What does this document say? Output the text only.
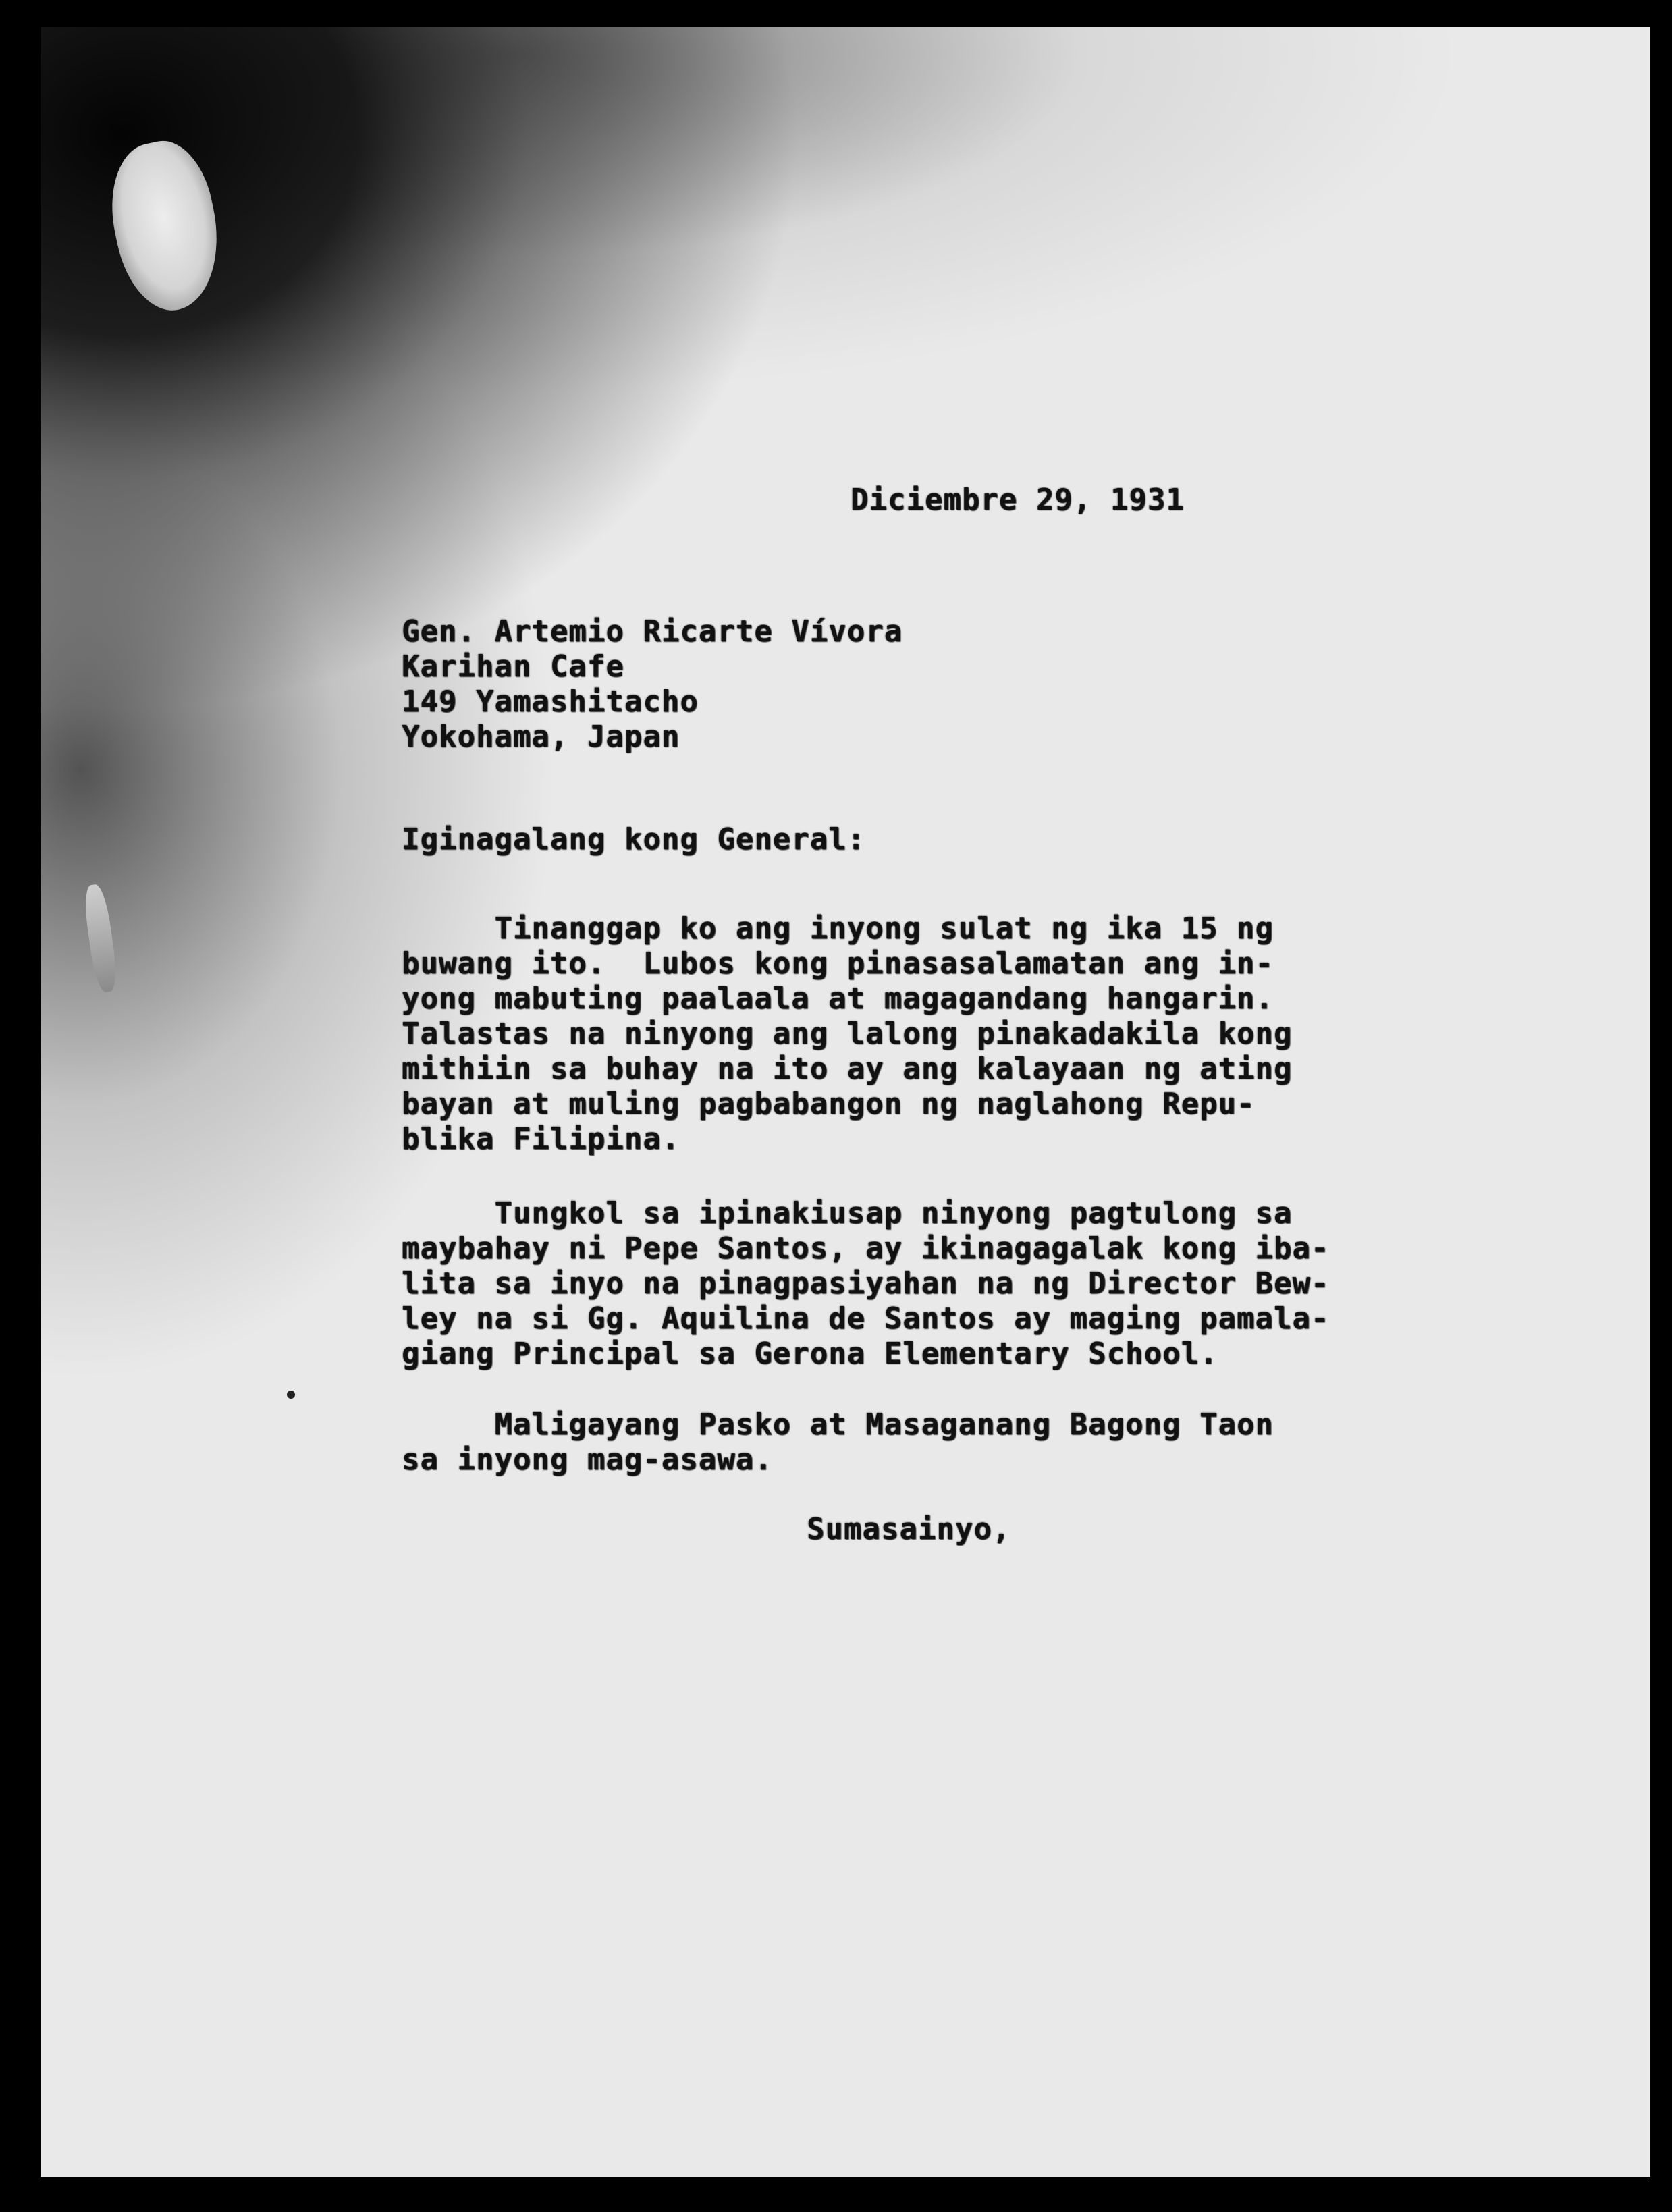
Diciembre 29, 1931
Gen. Artemio Ricarte Vívora
Karihan Cafe
149 Yamashitacho
Yokohama, Japan
Iginagalang kong General:
Tinanggap ko ang inyong sulat ng ika 15 ng
buwang ito.  Lubos kong pinasasalamatan ang in-
yong mabuting paalaala at magagandang hangarin.
Talastas na ninyong ang lalong pinakadakila kong
mithiin sa buhay na ito ay ang kalayaan ng ating
bayan at muling pagbabangon ng naglahong Repu-
blika Filipina.
Tungkol sa ipinakiusap ninyong pagtulong sa
maybahay ni Pepe Santos, ay ikinagagalak kong iba-
lita sa inyo na pinagpasiyahan na ng Director Bew-
ley na si Gg. Aquilina de Santos ay maging pamala-
giang Principal sa Gerona Elementary School.
Maligayang Pasko at Masaganang Bagong Taon
sa inyong mag-asawa.
Sumasainyo,
